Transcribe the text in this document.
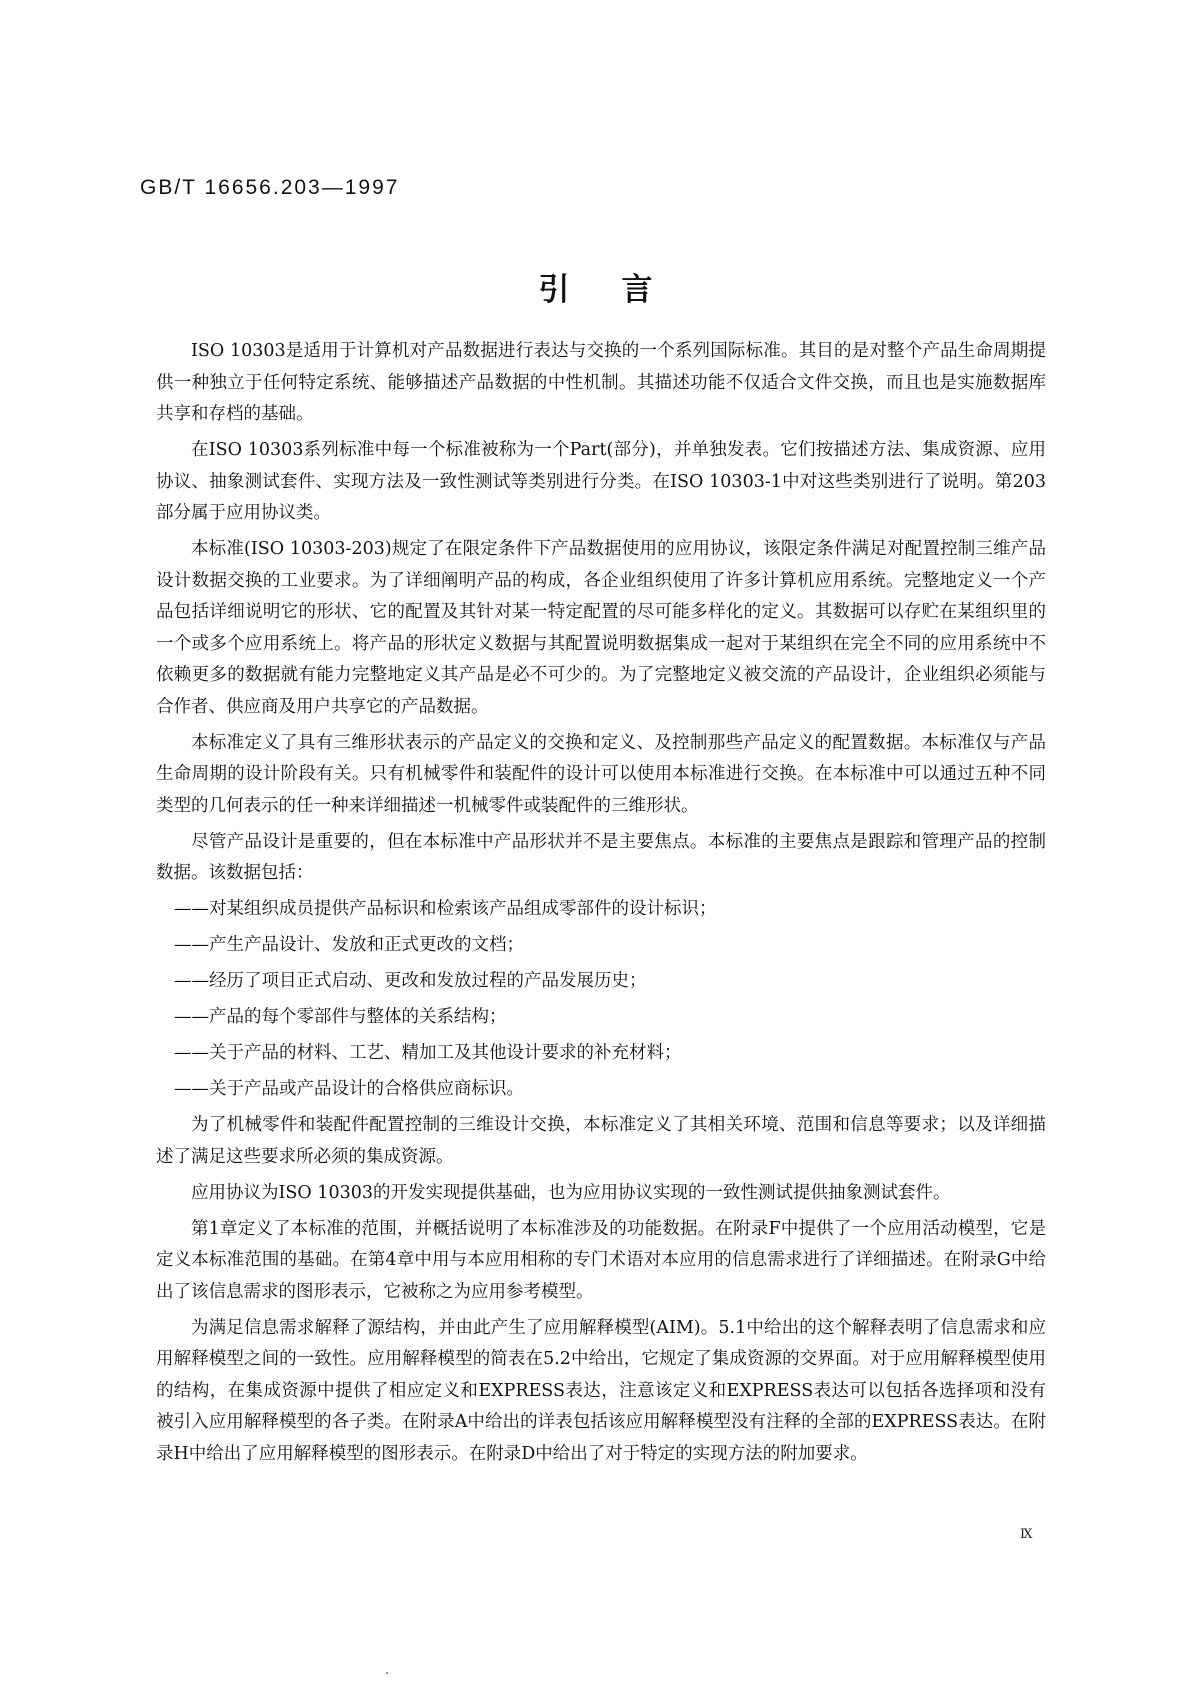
GB/T 16656.203—1997
引言

ISO 10303是适用于计算机对产品数据进行表达与交换的一个系列国际标准。其目的是对整个产品生命周期提供一种独立于任何特定系统、能够描述产品数据的中性机制。其描述功能不仅适合文件交换，而且也是实施数据库共享和存档的基础。

在ISO 10303系列标准中每一个标准被称为一个Part(部分)，并单独发表。它们按描述方法、集成资源、应用协议、抽象测试套件、实现方法及一致性测试等类别进行分类。在ISO 10303-1中对这些类别进行了说明。第203部分属于应用协议类。

本标准(ISO 10303-203)规定了在限定条件下产品数据使用的应用协议，该限定条件满足对配置控制三维产品设计数据交换的工业要求。为了详细阐明产品的构成，各企业组织使用了许多计算机应用系统。完整地定义一个产品包括详细说明它的形状、它的配置及其针对某一特定配置的尽可能多样化的定义。其数据可以存贮在某组织里的一个或多个应用系统上。将产品的形状定义数据与其配置说明数据集成一起对于某组织在完全不同的应用系统中不依赖更多的数据就有能力完整地定义其产品是必不可少的。为了完整地定义被交流的产品设计，企业组织必须能与合作者、供应商及用户共享它的产品数据。

本标准定义了具有三维形状表示的产品定义的交换和定义、及控制那些产品定义的配置数据。本标准仅与产品生命周期的设计阶段有关。只有机械零件和装配件的设计可以使用本标准进行交换。在本标准中可以通过五种不同类型的几何表示的任一种来详细描述一机械零件或装配件的三维形状。

尽管产品设计是重要的，但在本标准中产品形状并不是主要焦点。本标准的主要焦点是跟踪和管理产品的控制数据。该数据包括：

——对某组织成员提供产品标识和检索该产品组成零部件的设计标识；

——产生产品设计、发放和正式更改的文档；

——经历了项目正式启动、更改和发放过程的产品发展历史；

——产品的每个零部件与整体的关系结构；

——关于产品的材料、工艺、精加工及其他设计要求的补充材料；

——关于产品或产品设计的合格供应商标识。

为了机械零件和装配件配置控制的三维设计交换，本标准定义了其相关环境、范围和信息等要求；以及详细描述了满足这些要求所必须的集成资源。

应用协议为ISO 10303的开发实现提供基础，也为应用协议实现的一致性测试提供抽象测试套件。

第1章定义了本标准的范围，并概括说明了本标准涉及的功能数据。在附录F中提供了一个应用活动模型，它是定义本标准范围的基础。在第4章中用与本应用相称的专门术语对本应用的信息需求进行了详细描述。在附录G中给出了该信息需求的图形表示，它被称之为应用参考模型。

为满足信息需求解释了源结构，并由此产生了应用解释模型(AIM)。5.1中给出的这个解释表明了信息需求和应用解释模型之间的一致性。应用解释模型的简表在5.2中给出，它规定了集成资源的交界面。对于应用解释模型使用的结构，在集成资源中提供了相应定义和EXPRESS表达，注意该定义和EXPRESS表达可以包括各选择项和没有被引入应用解释模型的各子类。在附录A中给出的详表包括该应用解释模型没有注释的全部的EXPRESS表达。在附录H中给出了应用解释模型的图形表示。在附录D中给出了对于特定的实现方法的附加要求。

Ⅸ
